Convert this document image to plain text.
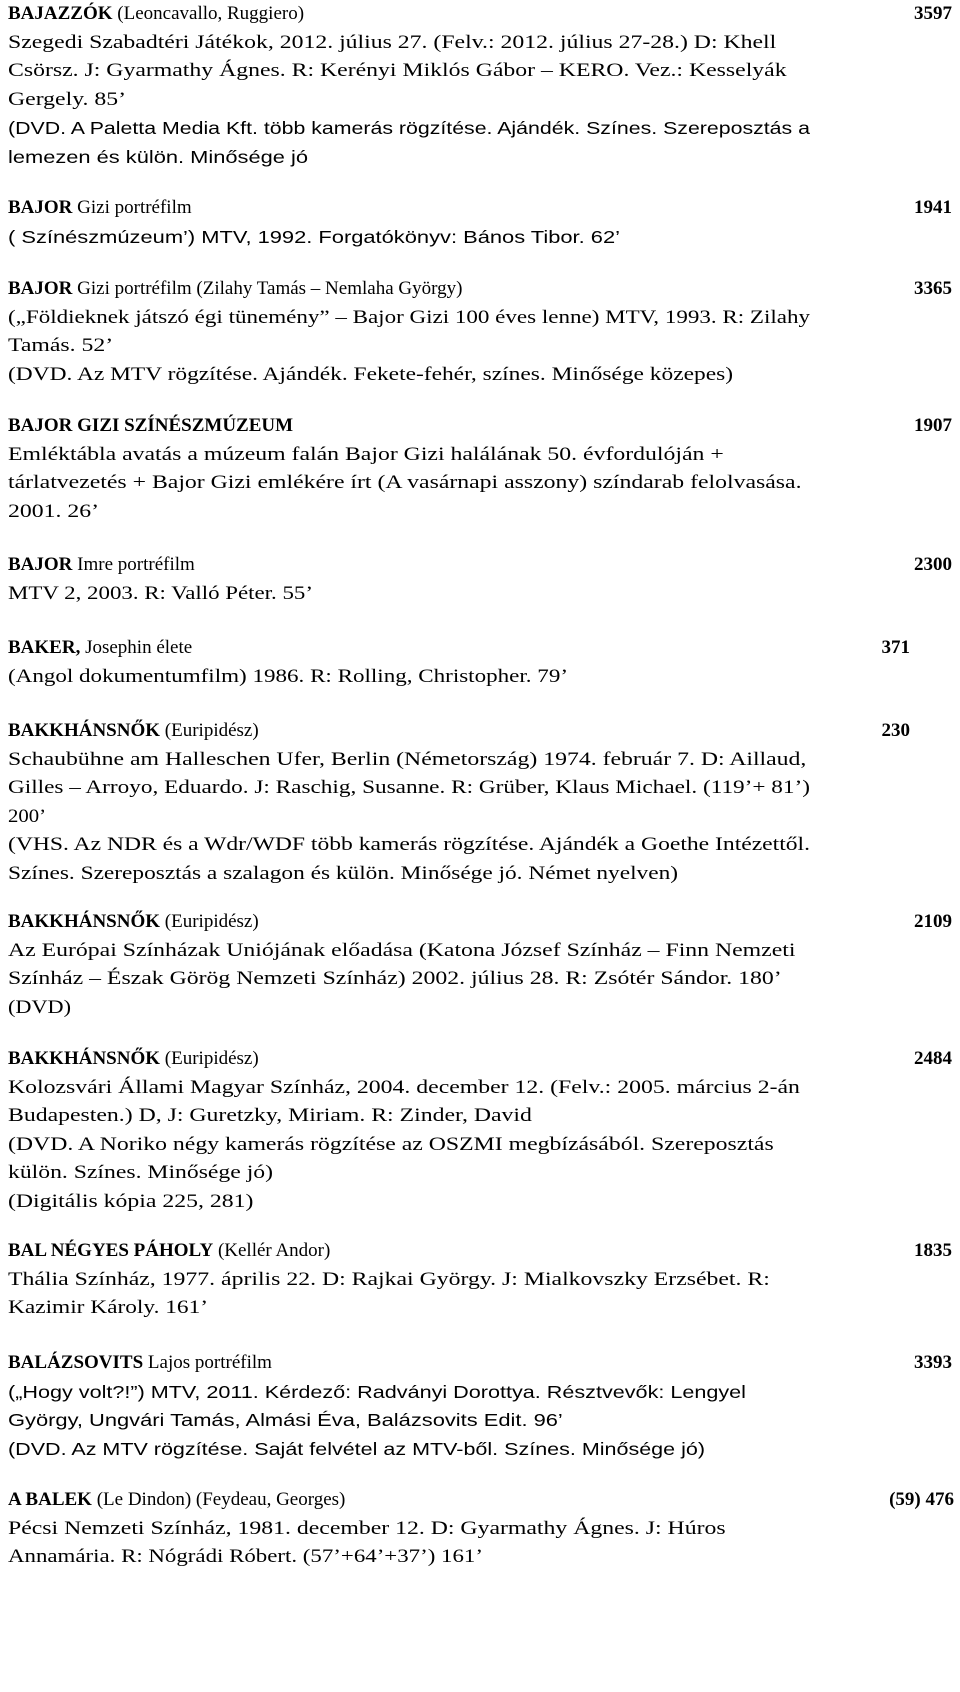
BAJAZZÓK (Leoncavallo, Ruggiero)	3597
Szegedi Szabadtéri Játékok, 2012. július 27. (Felv.: 2012. július 27-28.) D: Khell
Csörsz. J: Gyarmathy Ágnes. R: Kerényi Miklós Gábor – KERO. Vez.: Kesselyák
Gergely. 85’
(DVD. A Paletta Media Kft. több kamerás rögzítése. Ajándék. Színes. Szereposztás a
lemezen és külön. Minősége jó
BAJOR Gizi portréfilm	1941
( Színészmúzeum’) MTV, 1992. Forgatókönyv: Bános Tibor. 62’
BAJOR Gizi portréfilm (Zilahy Tamás – Nemlaha György)	3365
(„Földieknek játszó égi tünemény” – Bajor Gizi 100 éves lenne) MTV, 1993. R: Zilahy
Tamás. 52’
(DVD. Az MTV rögzítése. Ajándék. Fekete-fehér, színes. Minősége közepes)
BAJOR GIZI SZÍNÉSZMÚZEUM	1907
Emléktábla avatás a múzeum falán Bajor Gizi halálának 50. évfordulóján +
tárlatvezetés + Bajor Gizi emlékére írt (A vasárnapi asszony) színdarab felolvasása.
2001. 26’
BAJOR Imre portréfilm	2300
MTV 2, 2003. R: Valló Péter. 55’
BAKER, Josephin élete	371
(Angol dokumentumfilm) 1986. R: Rolling, Christopher. 79’
BAKKHÁNSNŐK (Euripidész)	230
Schaubühne am Halleschen Ufer, Berlin (Németország) 1974. február 7. D: Aillaud,
Gilles – Arroyo, Eduardo. J: Raschig, Susanne. R: Grüber, Klaus Michael. (119’+ 81’)
200’
(VHS. Az NDR és a Wdr/WDF több kamerás rögzítése. Ajándék a Goethe Intézettől.
Színes. Szereposztás a szalagon és külön. Minősége jó. Német nyelven)
BAKKHÁNSNŐK (Euripidész)	2109
Az Európai Színházak Uniójának előadása (Katona József Színház – Finn Nemzeti
Színház – Észak Görög Nemzeti Színház) 2002. július 28. R: Zsótér Sándor. 180’
(DVD)
BAKKHÁNSNŐK (Euripidész)	2484
Kolozsvári Állami Magyar Színház, 2004. december 12. (Felv.: 2005. március 2-án
Budapesten.) D, J: Guretzky, Miriam. R: Zinder, David
(DVD. A Noriko négy kamerás rögzítése az OSZMI megbízásából. Szereposztás
külön. Színes. Minősége jó)
(Digitális kópia 225, 281)
BAL NÉGYES PÁHOLY (Kellér Andor)	1835
Thália Színház, 1977. április 22. D: Rajkai György. J: Mialkovszky Erzsébet. R:
Kazimir Károly. 161’
BALÁZSOVITS Lajos portréfilm	3393
(„Hogy volt?!”) MTV, 2011. Kérdező: Radványi Dorottya. Résztvevők: Lengyel
György, Ungvári Tamás, Almási Éva, Balázsovits Edit. 96’
(DVD. Az MTV rögzítése. Saját felvétel az MTV-ből. Színes. Minősége jó)
A BALEK (Le Dindon) (Feydeau, Georges)	(59) 476
Pécsi Nemzeti Színház, 1981. december 12. D: Gyarmathy Ágnes. J: Húros
Annamária. R: Nógrádi Róbert. (57’+64’+37’) 161’
